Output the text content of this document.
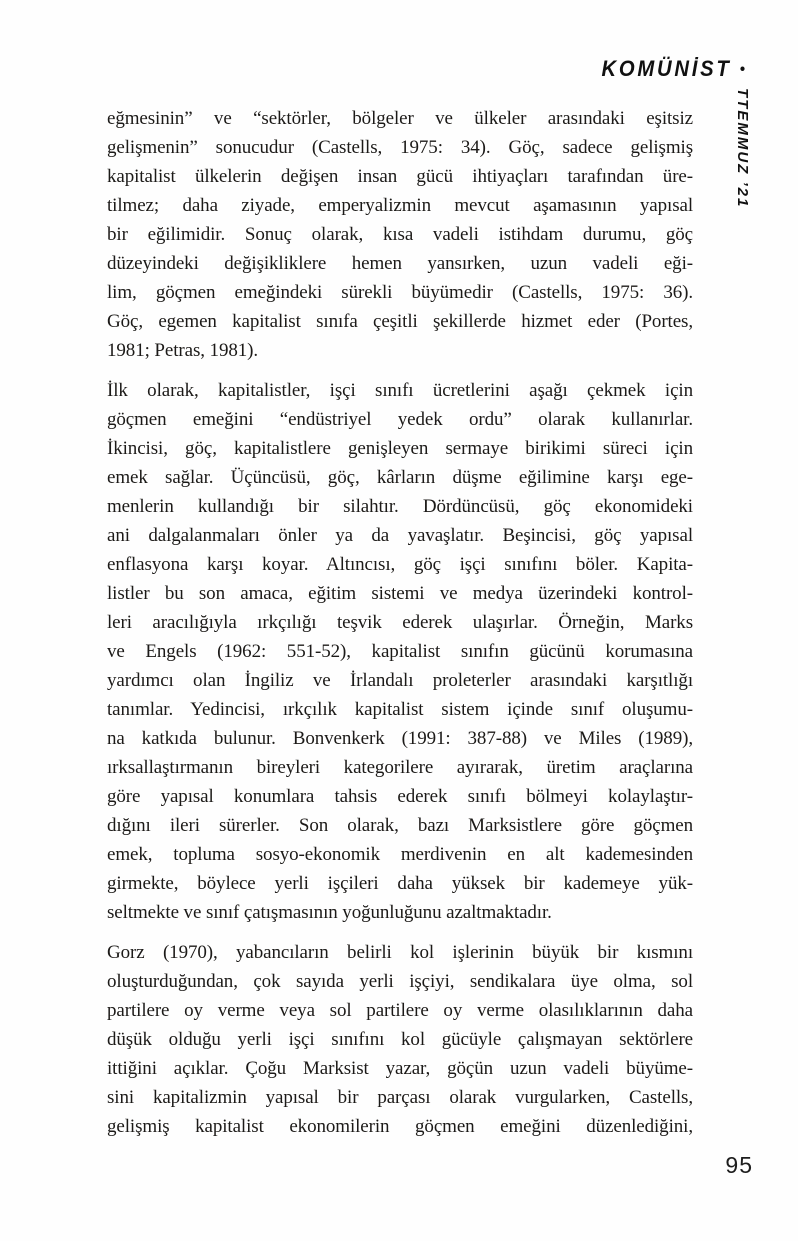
KOMÜNİST •
TTEMMUZ ’21
eğmesinin” ve “sektörler, bölgeler ve ülkeler arasındaki eşitsiz
gelişmenin” sonucudur (Castells, 1975: 34). Göç, sadece gelişmiş
kapitalist ülkelerin değişen insan gücü ihtiyaçları tarafından üre-
tilmez; daha ziyade, emperyalizmin mevcut aşamasının yapısal
bir eğilimidir. Sonuç olarak, kısa vadeli istihdam durumu, göç
düzeyindeki değişikliklere hemen yansırken, uzun vadeli eği-
lim, göçmen emeğindeki sürekli büyümedir (Castells, 1975: 36).
Göç, egemen kapitalist sınıfa çeşitli şekillerde hizmet eder (Portes,
1981; Petras, 1981).
İlk olarak, kapitalistler, işçi sınıfı ücretlerini aşağı çekmek için
göçmen emeğini “endüstriyel yedek ordu” olarak kullanırlar.
İkincisi, göç, kapitalistlere genişleyen sermaye birikimi süreci için
emek sağlar. Üçüncüsü, göç, kârların düşme eğilimine karşı ege-
menlerin kullandığı bir silahtır. Dördüncüsü, göç ekonomideki
ani dalgalanmaları önler ya da yavaşlatır. Beşincisi, göç yapısal
enflasyona karşı koyar. Altıncısı, göç işçi sınıfını böler. Kapita-
listler bu son amaca, eğitim sistemi ve medya üzerindeki kontrol-
leri aracılığıyla ırkçılığı teşvik ederek ulaşırlar. Örneğin, Marks
ve Engels (1962: 551-52), kapitalist sınıfın gücünü korumasına
yardımcı olan İngiliz ve İrlandalı proleterler arasındaki karşıtlığı
tanımlar. Yedincisi, ırkçılık kapitalist sistem içinde sınıf oluşumu-
na katkıda bulunur. Bonvenkerk (1991: 387-88) ve Miles (1989),
ırksallaştırmanın bireyleri kategorilere ayırarak, üretim araçlarına
göre yapısal konumlara tahsis ederek sınıfı bölmeyi kolaylaştır-
dığını ileri sürerler. Son olarak, bazı Marksistlere göre göçmen
emek, topluma sosyo-ekonomik merdivenin en alt kademesinden
girmekte, böylece yerli işçileri daha yüksek bir kademeye yük-
seltmekte ve sınıf çatışmasının yoğunluğunu azaltmaktadır.
Gorz (1970), yabancıların belirli kol işlerinin büyük bir kısmını
oluşturduğundan, çok sayıda yerli işçiyi, sendikalara üye olma, sol
partilere oy verme veya sol partilere oy verme olasılıklarının daha
düşük olduğu yerli işçi sınıfını kol gücüyle çalışmayan sektörlere
ittiğini açıklar. Çoğu Marksist yazar, göçün uzun vadeli büyüme-
sini kapitalizmin yapısal bir parçası olarak vurgularken, Castells,
gelişmiş kapitalist ekonomilerin göçmen emeğini düzenlediğini,
95
